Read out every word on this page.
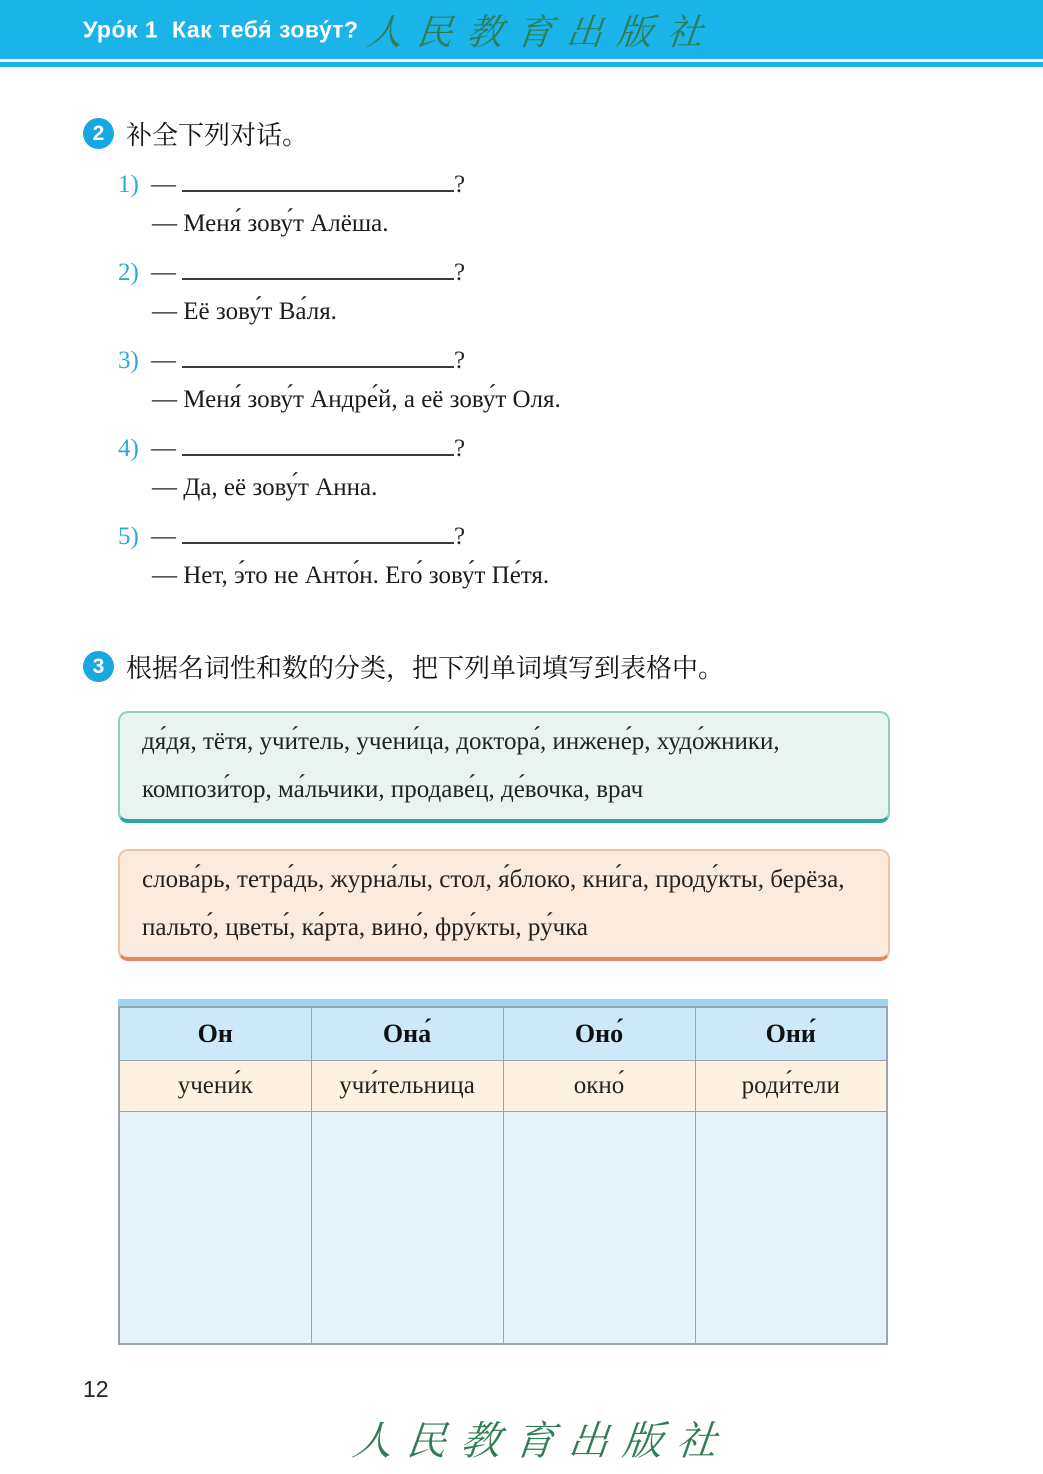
Уро́к 1  Как тебя́ зову́т? 人民教育出版社
2 补全下列对话。
1) —	?
— Меня́ зову́т Алёша.
2) —	?
— Её зову́т Ва́ля.
3) —	?
— Меня́ зову́т Андре́й, а её зову́т Оля.
4) —	?
— Да, её зову́т Анна.
5) —	?
— Нет, э́то не Анто́н. Его́ зову́т Пе́тя.
3 根据名词性和数的分类，把下列单词填写到表格中。
дя́дя, тётя, учи́тель, учени́ца, доктора́, инжене́р, худо́жники, компози́тор, ма́льчики, продаве́ц, де́вочка, врач
слова́рь, тетра́дь, журна́лы, стол, я́блоко, кни́га, проду́кты, берёза, пальто́, цветы́, ка́рта, вино́, фру́кты, ру́чка
Он	Она́	Оно́	Они́
учени́к	учи́тельница	окно́	роди́тели

12
人民教育出版社
